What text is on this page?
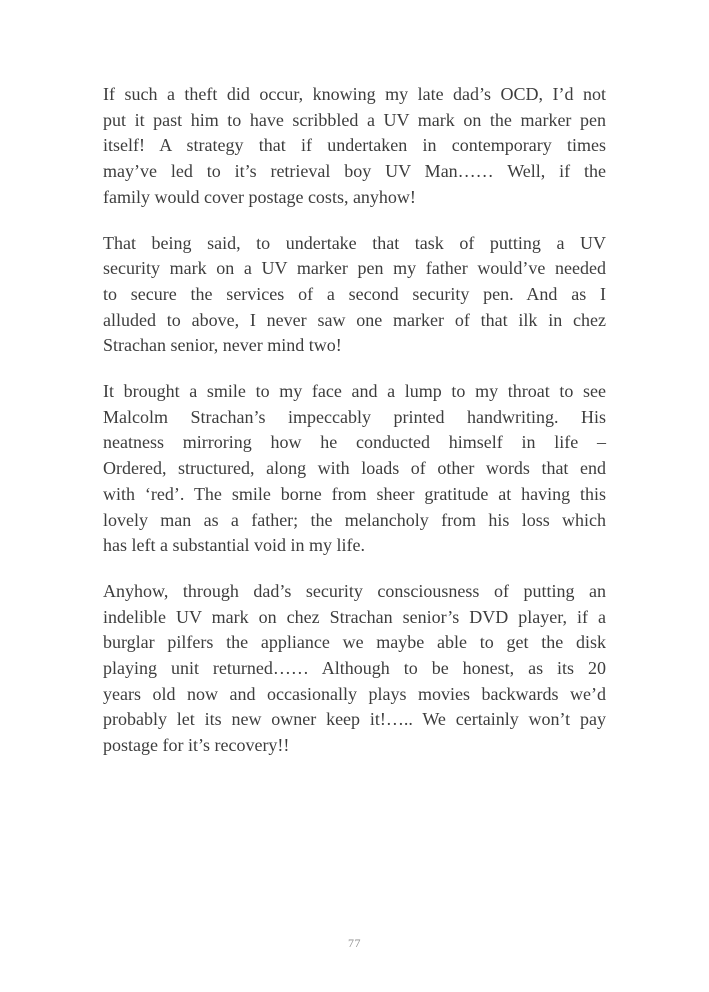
If such a theft did occur, knowing my late dad’s OCD, I’d not
put it past him to have scribbled a UV mark on the marker pen
itself! A strategy that if undertaken in contemporary times
may’ve led to it’s retrieval boy UV Man…… Well, if the
family would cover postage costs, anyhow!

That being said, to undertake that task of putting a UV
security mark on a UV marker pen my father would’ve needed
to secure the services of a second security pen. And as I
alluded to above, I never saw one marker of that ilk in chez
Strachan senior, never mind two!

It brought a smile to my face and a lump to my throat to see
Malcolm Strachan’s impeccably printed handwriting. His
neatness mirroring how he conducted himself in life –
Ordered, structured, along with loads of other words that end
with ‘red’. The smile borne from sheer gratitude at having this
lovely man as a father; the melancholy from his loss which
has left a substantial void in my life.

Anyhow, through dad’s security consciousness of putting an
indelible UV mark on chez Strachan senior’s DVD player, if a
burglar pilfers the appliance we maybe able to get the disk
playing unit returned…… Although to be honest, as its 20
years old now and occasionally plays movies backwards we’d
probably let its new owner keep it!….. We certainly won’t pay
postage for it’s recovery!!

77
